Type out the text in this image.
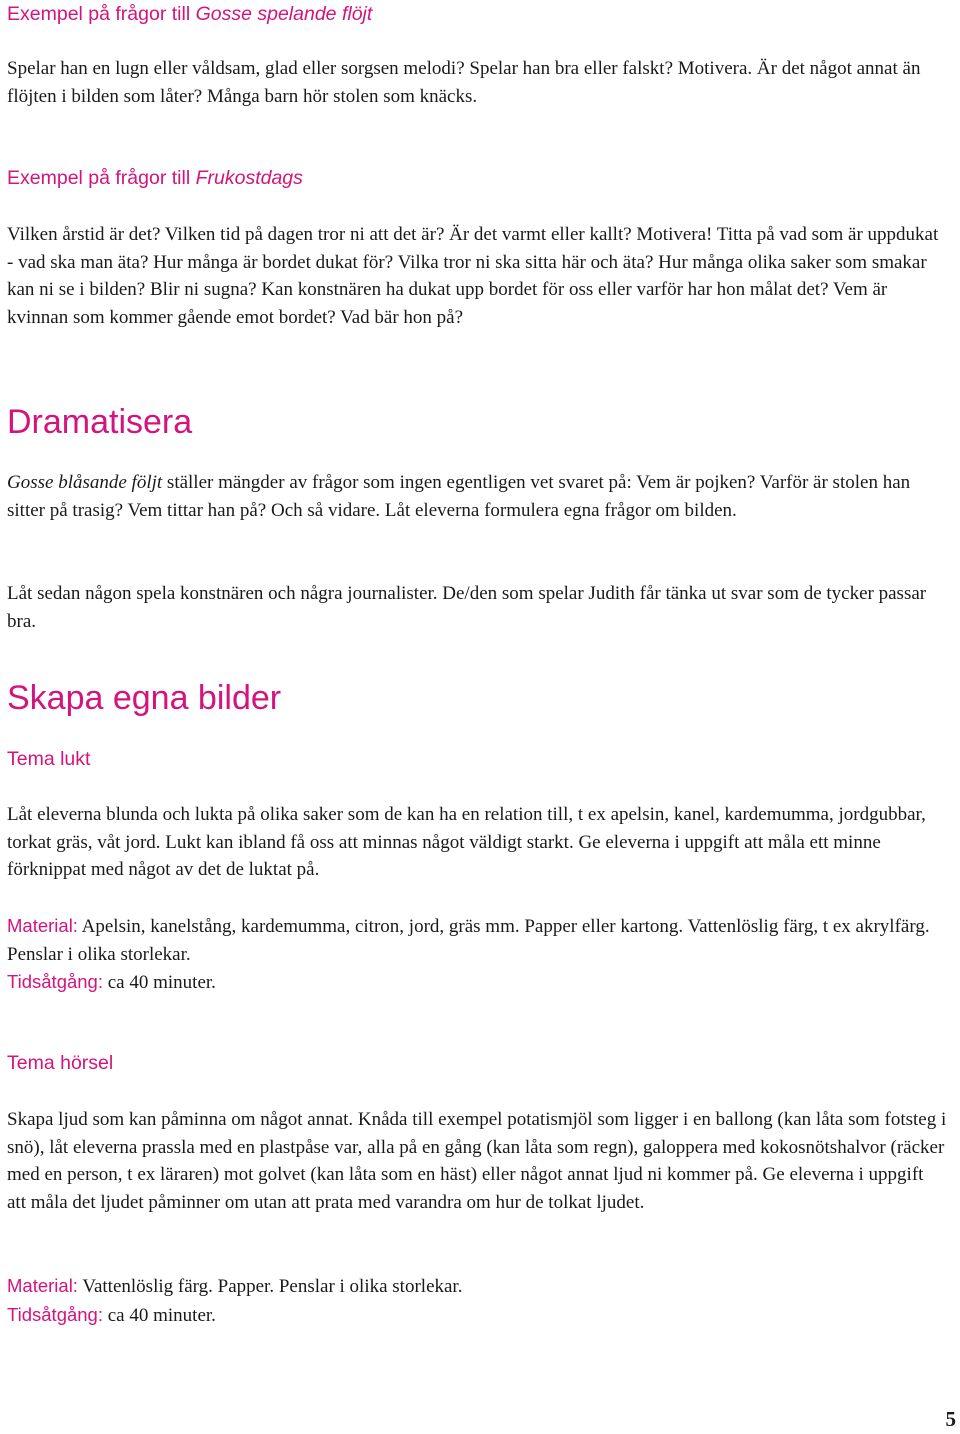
Exempel på frågor till Gosse spelande flöjt

Spelar han en lugn eller våldsam, glad eller sorgsen melodi? Spelar han bra eller falskt? Motivera. Är det något annat än flöjten i bilden som låter? Många barn hör stolen som knäcks.

Exempel på frågor till Frukostdags

Vilken årstid är det? Vilken tid på dagen tror ni att det är? Är det varmt eller kallt? Motivera! Titta på vad som är uppdukat - vad ska man äta? Hur många är bordet dukat för? Vilka tror ni ska sitta här och äta? Hur många olika saker som smakar kan ni se i bilden? Blir ni sugna? Kan konstnären ha dukat upp bordet för oss eller varför har hon målat det? Vem är kvinnan som kommer gående emot bordet? Vad bär hon på?

Dramatisera

Gosse blåsande följt ställer mängder av frågor som ingen egentligen vet svaret på: Vem är pojken? Varför är stolen han sitter på trasig? Vem tittar han på? Och så vidare. Låt eleverna formulera egna frågor om bilden.

Låt sedan någon spela konstnären och några journalister. De/den som spelar Judith får tänka ut svar som de tycker passar bra.

Skapa egna bilder

Tema lukt

Låt eleverna blunda och lukta på olika saker som de kan ha en relation till, t ex apelsin, kanel, kardemumma, jordgubbar, torkat gräs, våt jord. Lukt kan ibland få oss att minnas något väldigt starkt. Ge eleverna i uppgift att måla ett minne förknippat med något av det de luktat på.

Material: Apelsin, kanelstång, kardemumma, citron, jord, gräs mm. Papper eller kartong. Vattenlöslig färg, t ex akrylfärg. Penslar i olika storlekar.

Tidsåtgång: ca 40 minuter.

Tema hörsel

Skapa ljud som kan påminna om något annat. Knåda till exempel potatismjöl som ligger i en ballong (kan låta som fotsteg i snö), låt eleverna prassla med en plastpåse var, alla på en gång (kan låta som regn), galoppera med kokosnötshalvor (räcker med en person, t ex läraren) mot golvet (kan låta som en häst) eller något annat ljud ni kommer på. Ge eleverna i uppgift att måla det ljudet påminner om utan att prata med varandra om hur de tolkat ljudet.

Material: Vattenlöslig färg. Papper. Penslar i olika storlekar.

Tidsåtgång: ca 40 minuter.

5
